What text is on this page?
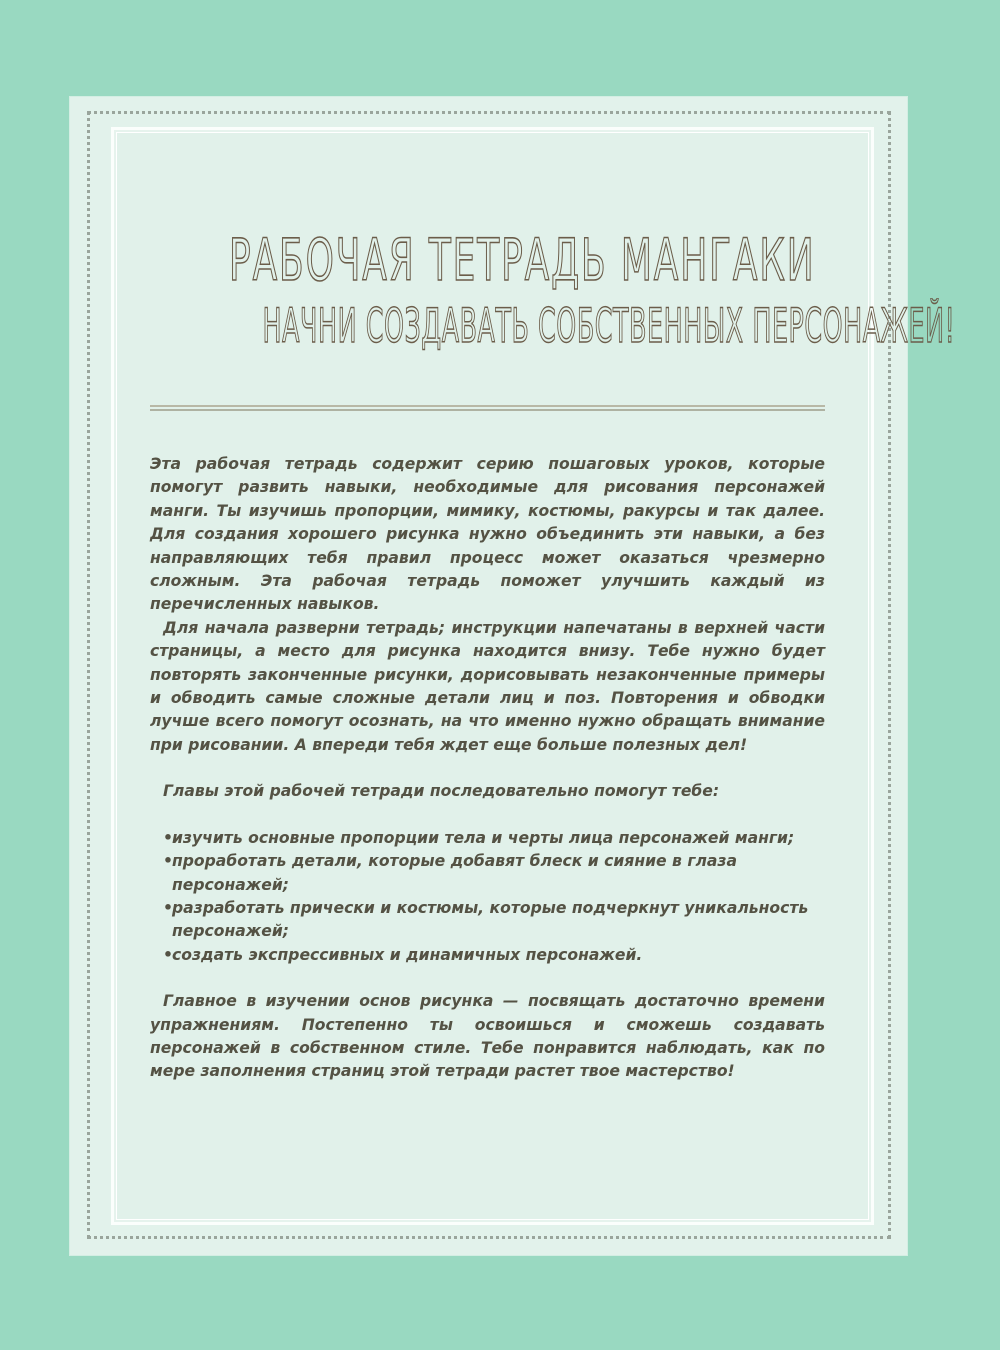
РАБОЧАЯ ТЕТРАДЬ МАНГАКИ
НАЧНИ СОЗДАВАТЬ СОБСТВЕННЫХ ПЕРСОНАЖЕЙ!

Эта рабочая тетрадь содержит серию пошаговых уроков, которые помогут развить навыки, необходимые для рисования персонажей манги. Ты изучишь пропорции, мимику, костюмы, ракурсы и так далее. Для создания хорошего рисунка нужно объединить эти навыки, а без направляющих тебя правил процесс может оказаться чрезмерно сложным. Эта рабочая тетрадь поможет улучшить каждый из перечисленных навыков.

Для начала разверни тетрадь; инструкции напечатаны в верхней части страницы, а место для рисунка находится внизу. Тебе нужно будет повторять законченные рисунки, дорисовывать незаконченные примеры и обводить самые сложные детали лиц и поз. Повторения и обводки лучше всего помогут осознать, на что именно нужно обращать внимание при рисовании. А впереди тебя ждет еще больше полезных дел!

Главы этой рабочей тетради последовательно помогут тебе:

• изучить основные пропорции тела и черты лица персонажей манги;
• проработать детали, которые добавят блеск и сияние в глаза персонажей;
• разработать прически и костюмы, которые подчеркнут уникальность персонажей;
• создать экспрессивных и динамичных персонажей.

Главное в изучении основ рисунка — посвящать достаточно времени упражнениям. Постепенно ты освоишься и сможешь создавать персонажей в собственном стиле. Тебе понравится наблюдать, как по мере заполнения страниц этой тетради растет твое мастерство!
